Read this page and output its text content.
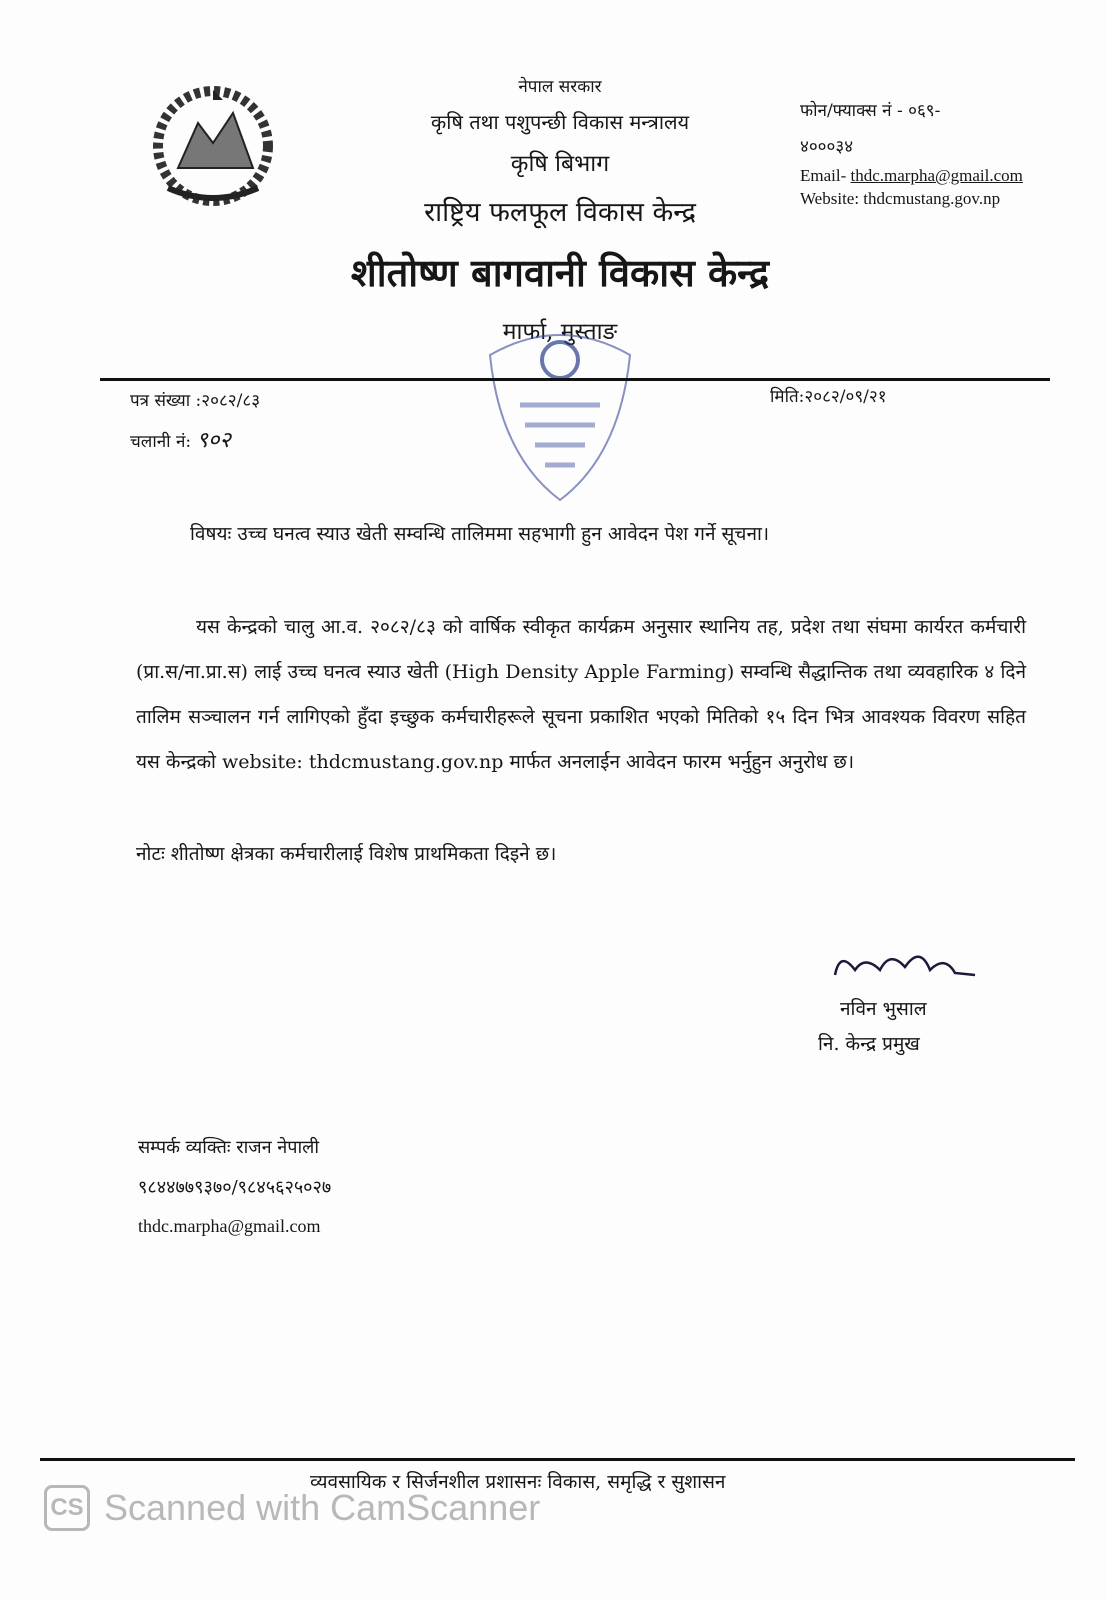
नेपाल सरकार
कृषि तथा पशुपन्छी विकास मन्त्रालय
कृषि बिभाग
राष्ट्रिय फलफूल विकास केन्द्र
शीतोष्ण बागवानी विकास केन्द्र
मार्फा, मुस्ताङ
फोन/फ्याक्स नं - ०६९-
४०००३४
Email- thdc.marpha@gmail.com
Website: thdcmustang.gov.np
पत्र संख्या :२०८२/८३
चलानी नं: ९०२
मिति:२०८२/०९/२१
विषयः उच्च घनत्व स्याउ खेती सम्वन्धि तालिममा सहभागी हुन आवेदन पेश गर्ने सूचना।
यस केन्द्रको चालु आ.व. २०८२/८३ को वार्षिक स्वीकृत कार्यक्रम अनुसार स्थानिय तह, प्रदेश तथा संघमा कार्यरत कर्मचारी (प्रा.स/ना.प्रा.स) लाई उच्च घनत्व स्याउ खेती (High Density Apple Farming) सम्वन्धि सैद्धान्तिक तथा व्यवहारिक ४ दिने तालिम सञ्चालन गर्न लागिएको हुँदा इच्छुक कर्मचारीहरूले सूचना प्रकाशित भएको मितिको १५ दिन भित्र आवश्यक विवरण सहित यस केन्द्रको website: thdcmustang.gov.np मार्फत अनलाईन आवेदन फारम भर्नुहुन अनुरोध छ।
नोटः शीतोष्ण क्षेत्रका कर्मचारीलाई विशेष प्राथमिकता दिइने छ।
नविन भुसाल
नि. केन्द्र प्रमुख
सम्पर्क व्यक्तिः राजन नेपाली
९८४४७७९३७०/९८४५६२५०२७
thdc.marpha@gmail.com
व्यवसायिक र सिर्जनशील प्रशासनः विकास, समृद्धि र सुशासन
CS Scanned with CamScanner
